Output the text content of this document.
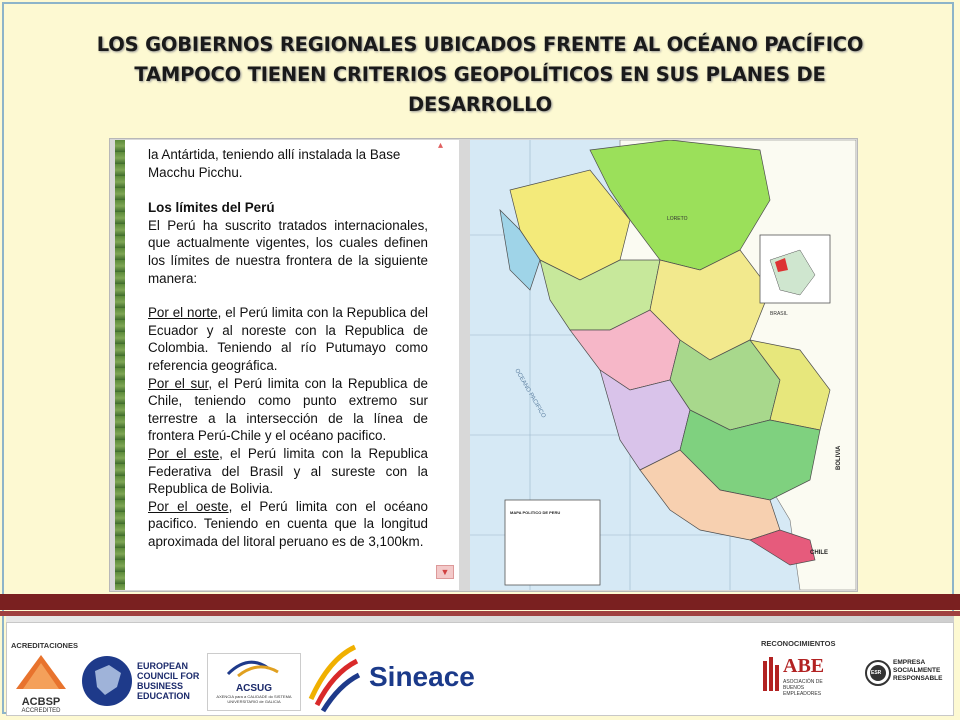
LOS GOBIERNOS REGIONALES UBICADOS FRENTE AL OCÉANO PACÍFICO
TAMPOCO TIENEN CRITERIOS GEOPOLÍTICOS EN SUS PLANES DE
DESARROLLO
▴

la Antártida, teniendo allí instalada la Base

Macchu Picchu.

Los límites del Perú

El Perú ha suscrito tratados internacionales, que actualmente vigentes, los cuales definen los límites de nuestra frontera de la siguiente manera:

Por el norte, el Perú limita con la Republica del Ecuador y al noreste con la Republica de Colombia. Teniendo al río Putumayo como referencia geográfica.

Por el sur, el Perú limita con la Republica de Chile, teniendo como punto extremo sur terrestre a la intersección de la línea de frontera Perú-Chile y el océano pacifico.

Por el este, el Perú limita con la Republica Federativa del Brasil y al sureste con la Republica de Bolivia.

Por el oeste, el Perú limita con el océano pacifico. Teniendo en cuenta que la longitud aproximada del litoral peruano es de 3,100km.

▼
LORETO
BRASIL
CHILE
BOLIVIA
OCEANO PACIFICO
MAPA POLITICO DE PERU
ACREDITACIONES	RECONOCIMIENTOS
ACBSP
ACCREDITED
EUROPEAN
COUNCIL FOR
BUSINESS
EDUCATION
ACSUG
AXENCIA para a CALIDADE do SISTEMA UNIVERSITARIO de GALICIA
Sineace	ABE
ASOCIACIÓN DE BUENOS EMPLEADORES
ESR
EMPRESA
SOCIALMENTE
RESPONSABLE
